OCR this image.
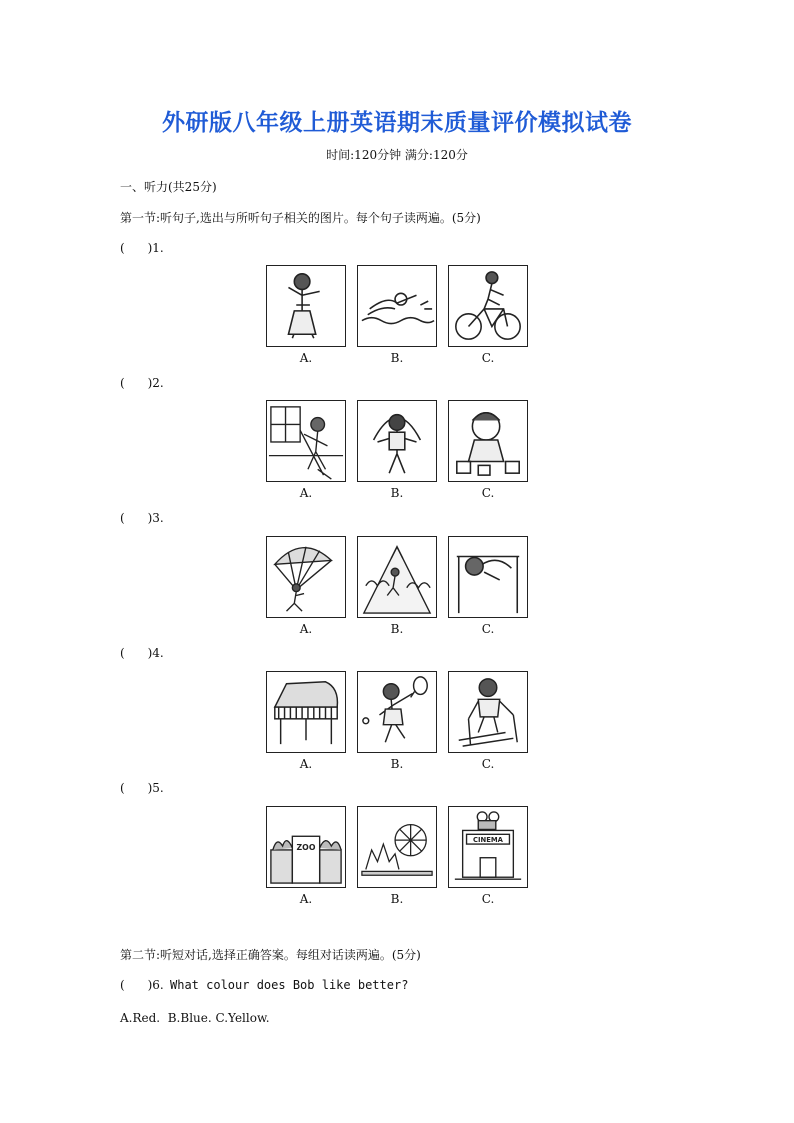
外研版八年级上册英语期末质量评价模拟试卷
时间:120分钟 满分:120分
一、听力(共25分)
第一节:听句子,选出与所听句子相关的图片。每个句子读两遍。(5分)
(      )1.
A.	B.	C.
(      )2.
A.	B.	C.
(      )3.
A.	B.	C.
(      )4.
A.	B.	C.
(      )5.
ZOO
CINEMA
A.	B.	C.
第二节:听短对话,选择正确答案。每组对话读两遍。(5分)
(      )6. What colour does Bob like better?
A.Red.  B.Blue. C.Yellow.
